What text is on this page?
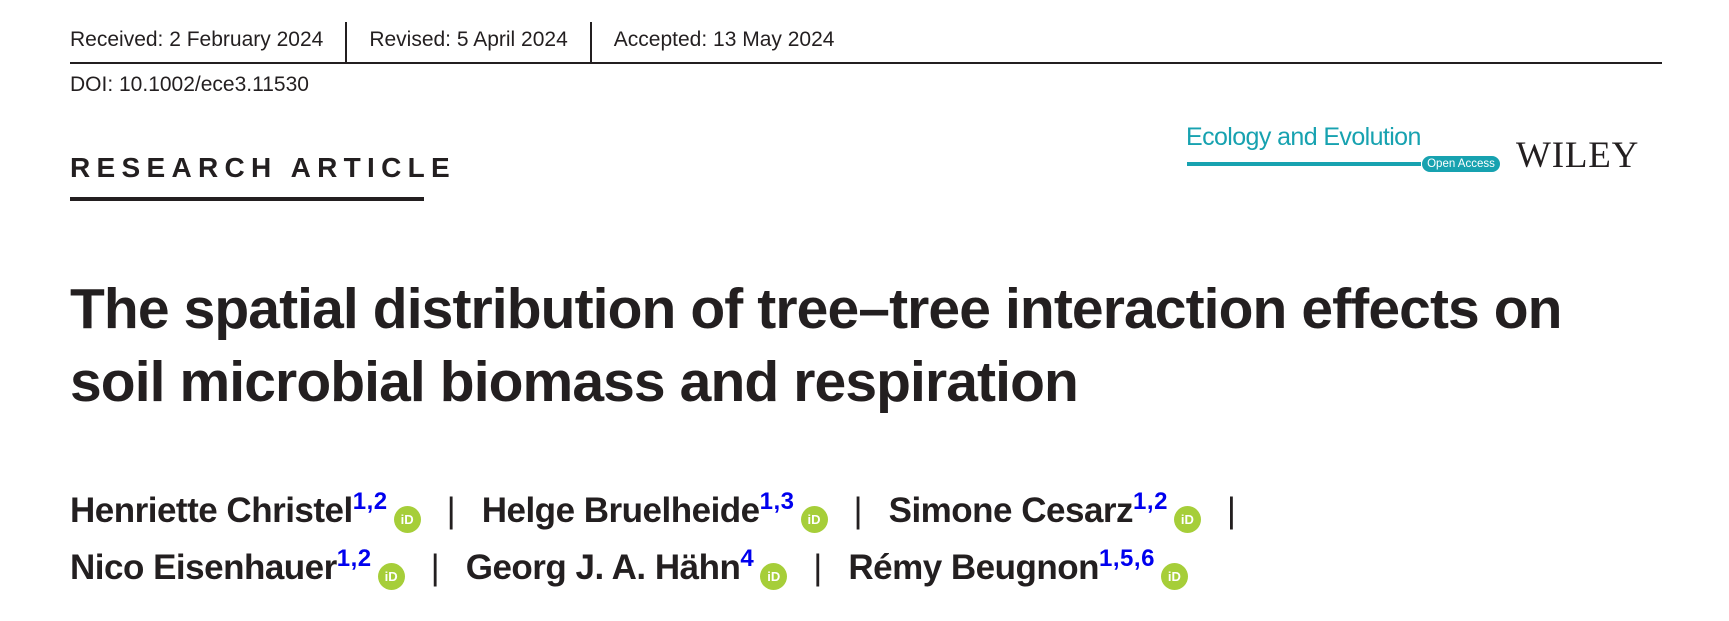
Received: 2 February 2024	Revised: 5 April 2024	Accepted: 13 May 2024
DOI: 10.1002/ece3.11530
RESEARCH ARTICLE
Ecology and Evolution
Open Access WILEY
The spatial distribution of tree–tree interaction effects on soil microbial biomass and respiration
Henriette Christel$^{1,2}$iD | Helge Bruelheide$^{1,3}$iD | Simone Cesarz$^{1,2}$iD |
Nico Eisenhauer$^{1,2}$iD | Georg J. A. Hähn$^4$iD | Rémy Beugnon$^{1,5,6}$iD
